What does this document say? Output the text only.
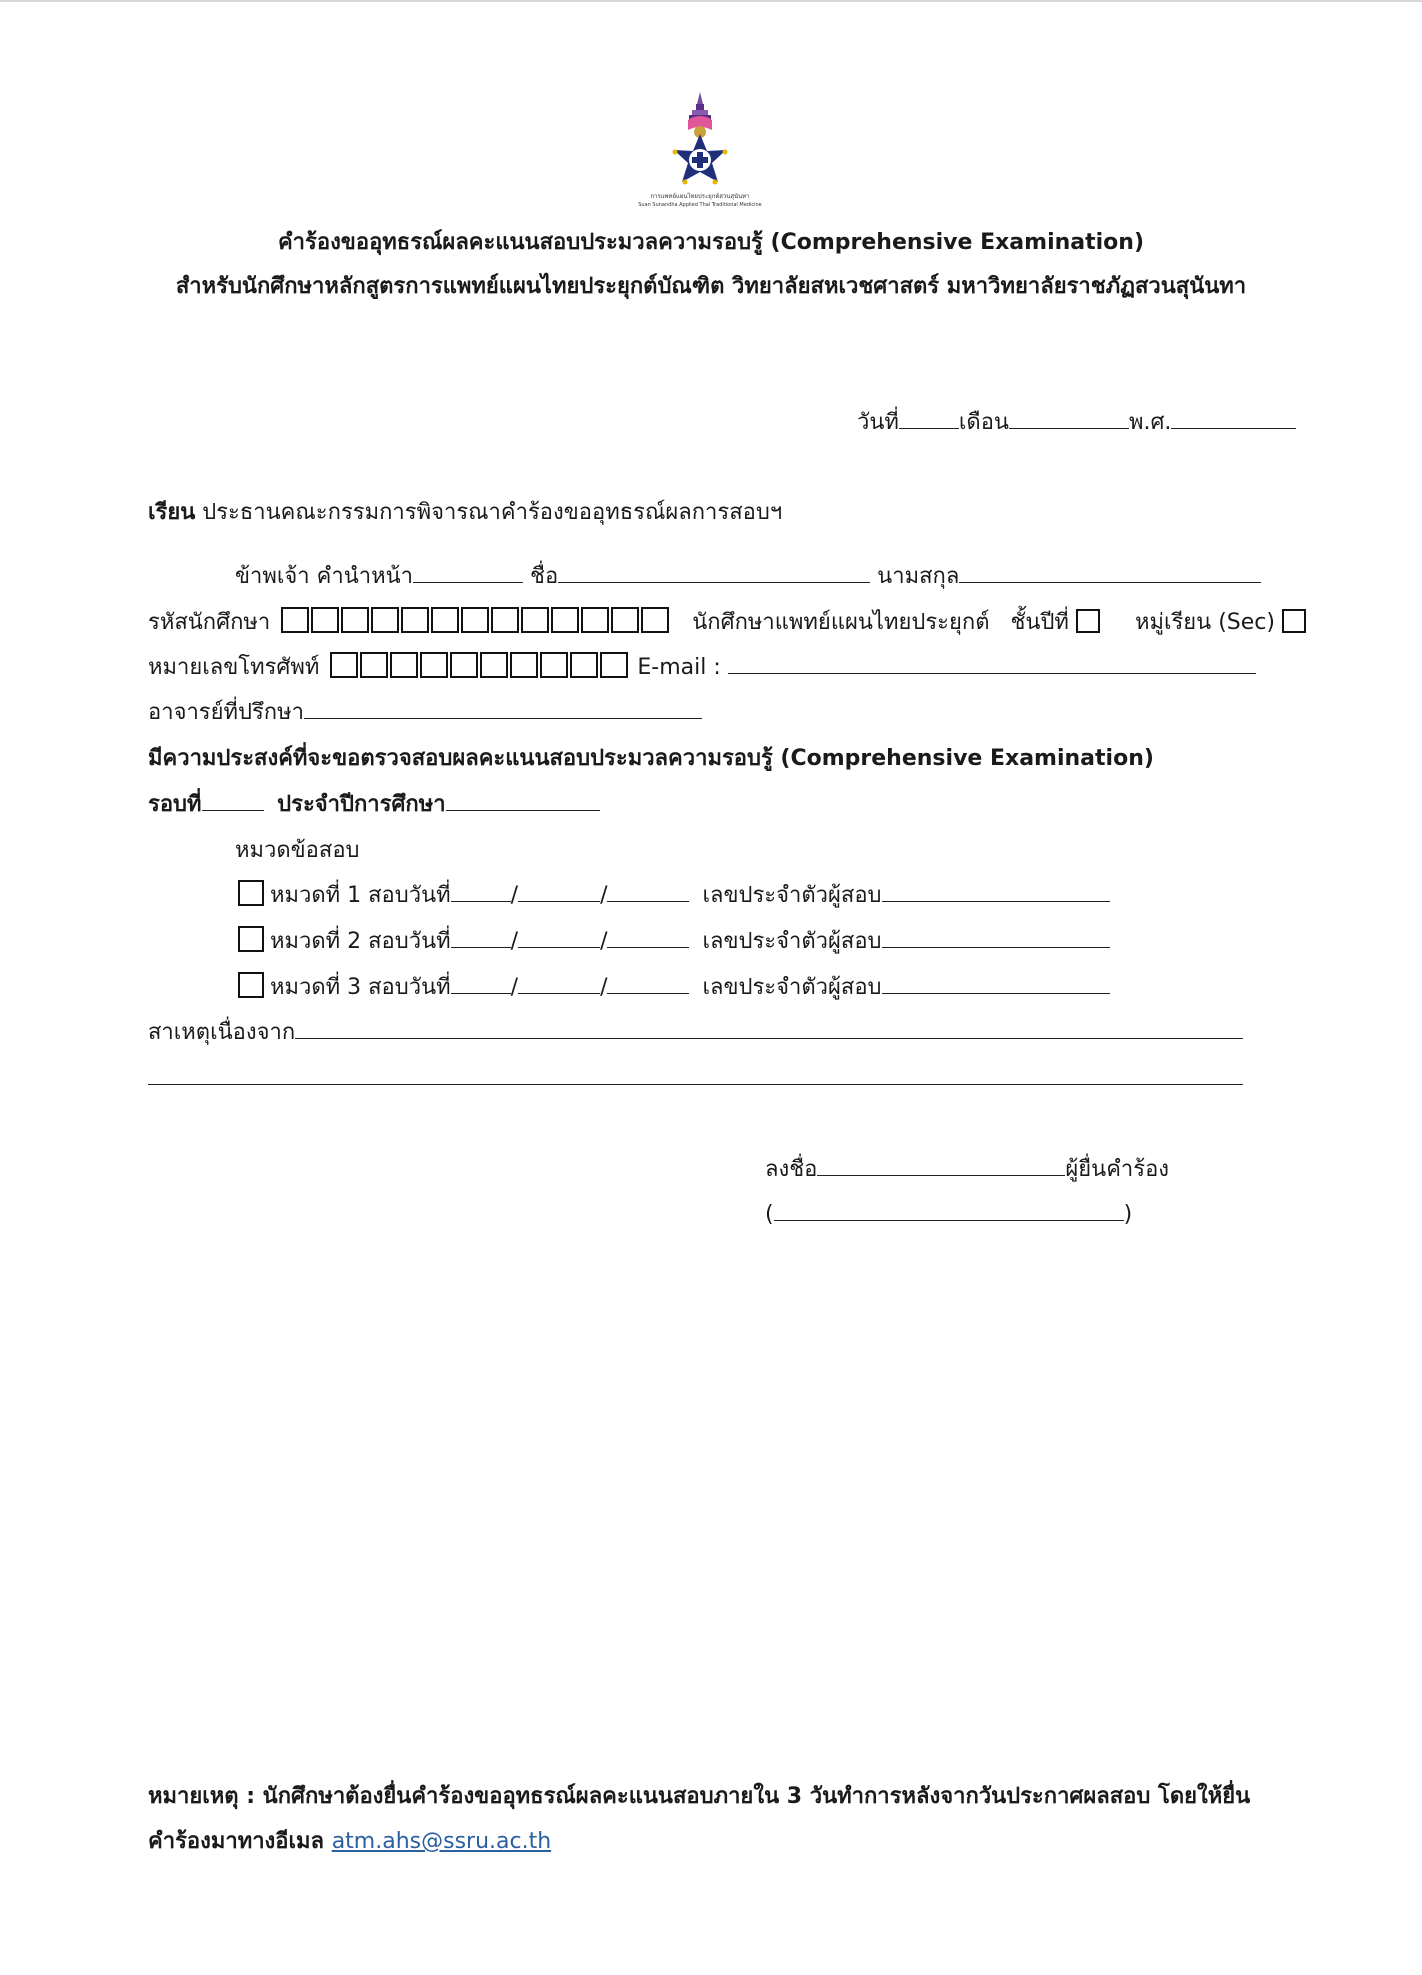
การแพทย์แผนไทยประยุกต์สวนสุนันทา
Suan Sunandha Applied Thai Traditional Medicine
คำร้องขออุทธรณ์ผลคะแนนสอบประมวลความรอบรู้ (Comprehensive Examination)
สำหรับนักศึกษาหลักสูตรการแพทย์แผนไทยประยุกต์บัณฑิต วิทยาลัยสหเวชศาสตร์ มหาวิทยาลัยราชภัฏสวนสุนันทา
วันที่	เดือน	พ.ศ.
เรียน ประธานคณะกรรมการพิจารณาคำร้องขออุทธรณ์ผลการสอบฯ
ข้าพเจ้า คำนำหน้า	ชื่อ	นามสกุล
รหัสนักศึกษา	นักศึกษาแพทย์แผนไทยประยุกต์ ชั้นปีที่	หมู่เรียน (Sec)
หมายเลขโทรศัพท์	E-mail :
อาจารย์ที่ปรึกษา
มีความประสงค์ที่จะขอตรวจสอบผลคะแนนสอบประมวลความรอบรู้ (Comprehensive Examination)
รอบที่	ประจำปีการศึกษา
หมวดข้อสอบ
หมวดที่ 1 สอบวันที่	/	/	เลขประจำตัวผู้สอบ
หมวดที่ 2 สอบวันที่	/	/	เลขประจำตัวผู้สอบ
หมวดที่ 3 สอบวันที่	/	/	เลขประจำตัวผู้สอบ
สาเหตุเนื่องจาก
ลงชื่อ	ผู้ยื่นคำร้อง
(	)
หมายเหตุ : นักศึกษาต้องยื่นคำร้องขออุทธรณ์ผลคะแนนสอบภายใน 3 วันทำการหลังจากวันประกาศผลสอบ โดยให้ยื่น
คำร้องมาทางอีเมล atm.ahs@ssru.ac.th
